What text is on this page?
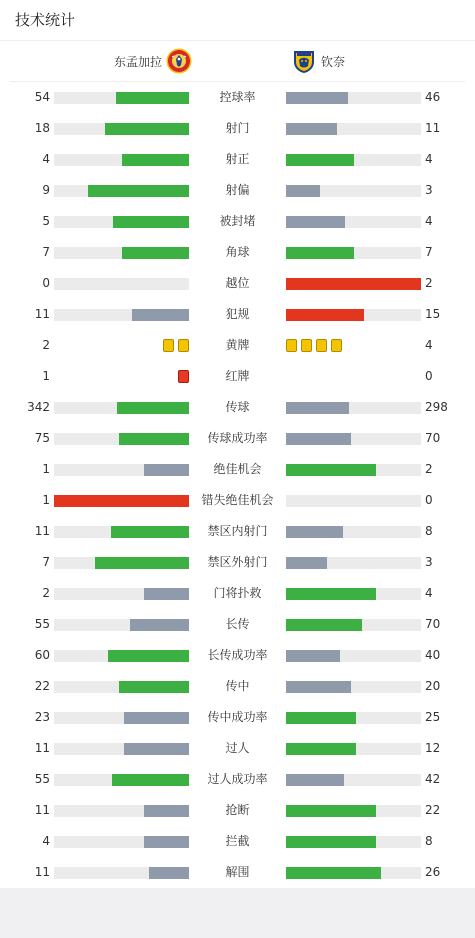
技术统计
东孟加拉	钦奈
54	控球率	46
18	射门	11
4	射正	4
9	射偏	3
5	被封堵	4
7	角球	7
0	越位	2
11	犯规	15
2	黄牌	4
1	红牌	0
342	传球	298
75	传球成功率	70
1	绝佳机会	2
1	错失绝佳机会	0
11	禁区内射门	8
7	禁区外射门	3
2	门将扑救	4
55	长传	70
60	长传成功率	40
22	传中	20
23	传中成功率	25
11	过人	12
55	过人成功率	42
11	抢断	22
4	拦截	8
11	解围	26
